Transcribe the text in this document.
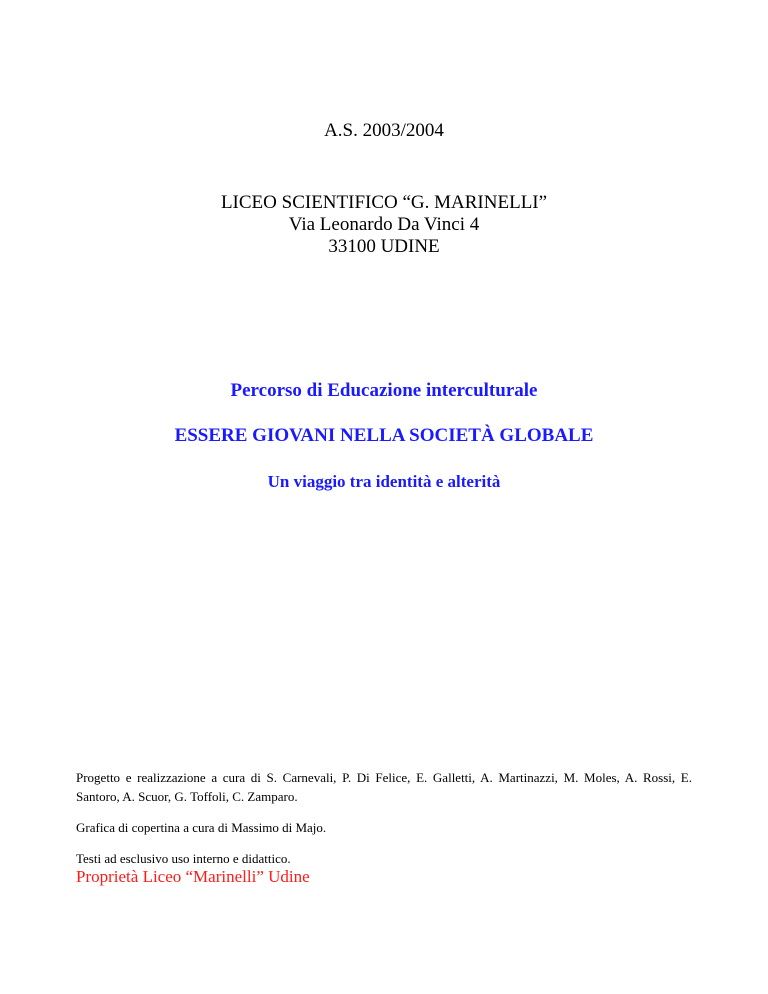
A.S. 2003/2004
LICEO SCIENTIFICO “G. MARINELLI”
Via Leonardo Da Vinci 4
33100 UDINE
Percorso di Educazione interculturale
ESSERE GIOVANI NELLA SOCIETÀ GLOBALE
Un viaggio tra identità e alterità
Progetto e realizzazione a cura di S. Carnevali, P. Di Felice, E. Galletti, A. Martinazzi, M. Moles, A. Rossi, E. Santoro, A. Scuor, G. Toffoli, C. Zamparo.
Grafica di copertina a cura di Massimo di Majo.
Testi ad esclusivo uso interno e didattico.
Proprietà Liceo “Marinelli” Udine
